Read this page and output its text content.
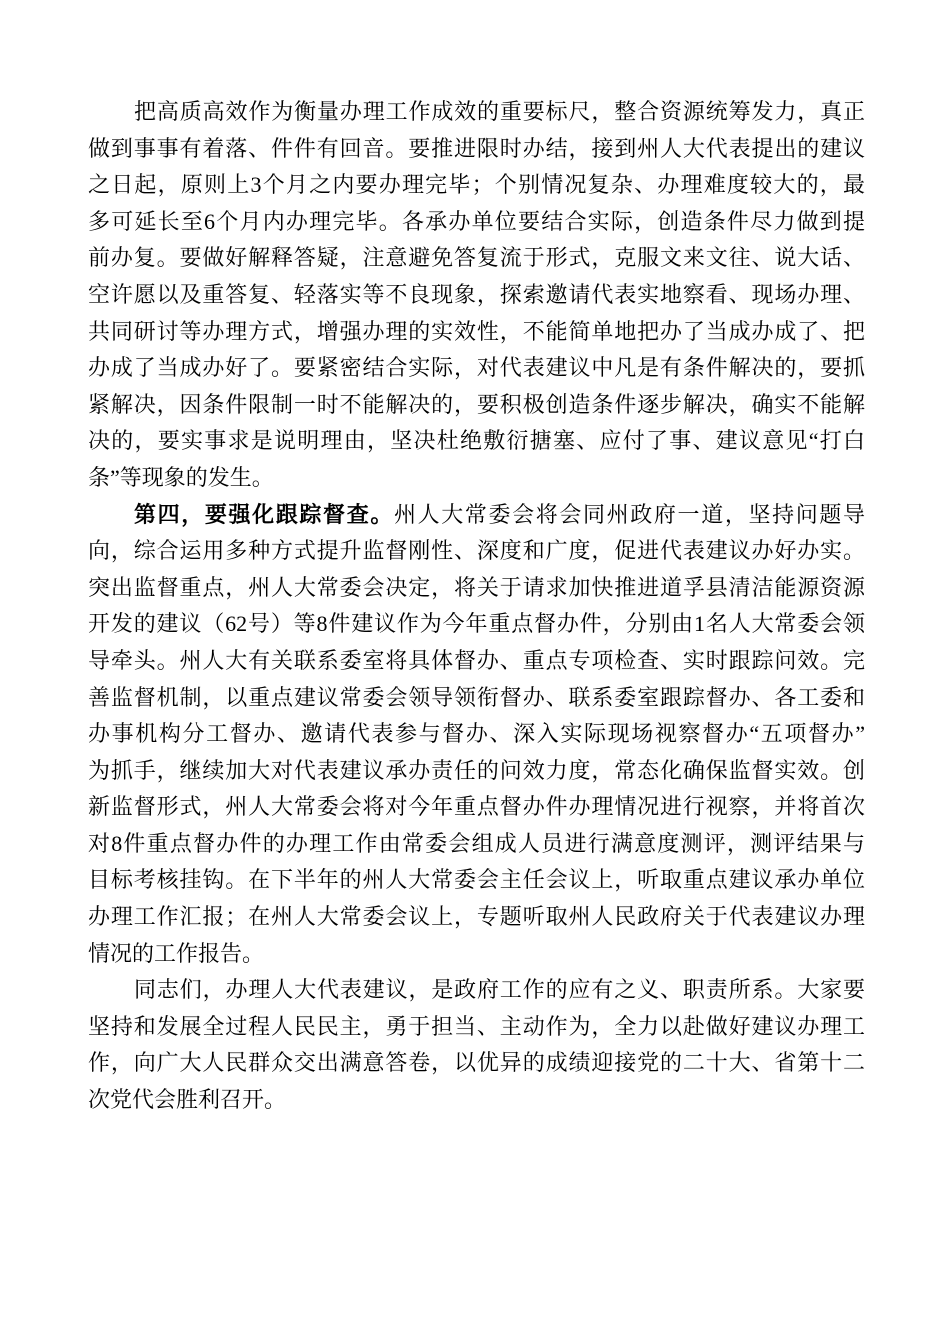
把高质高效作为衡量办理工作成效的重要标尺，整合资源统筹发力，真正
做到事事有着落、件件有回音。要推进限时办结，接到州人大代表提出的建议
之日起，原则上3个月之内要办理完毕；个别情况复杂、办理难度较大的，最
多可延长至6个月内办理完毕。各承办单位要结合实际，创造条件尽力做到提
前办复。要做好解释答疑，注意避免答复流于形式，克服文来文往、说大话、
空许愿以及重答复、轻落实等不良现象，探索邀请代表实地察看、现场办理、
共同研讨等办理方式，增强办理的实效性，不能简单地把办了当成办成了、把
办成了当成办好了。要紧密结合实际，对代表建议中凡是有条件解决的，要抓
紧解决，因条件限制一时不能解决的，要积极创造条件逐步解决，确实不能解
决的，要实事求是说明理由，坚决杜绝敷衍搪塞、应付了事、建议意见“打白
条”等现象的发生。
第四，要强化跟踪督查。州人大常委会将会同州政府一道，坚持问题导
向，综合运用多种方式提升监督刚性、深度和广度，促进代表建议办好办实。
突出监督重点，州人大常委会决定，将关于请求加快推进道孚县清洁能源资源
开发的建议（62号）等8件建议作为今年重点督办件，分别由1名人大常委会领
导牵头。州人大有关联系委室将具体督办、重点专项检查、实时跟踪问效。完
善监督机制，以重点建议常委会领导领衔督办、联系委室跟踪督办、各工委和
办事机构分工督办、邀请代表参与督办、深入实际现场视察督办“五项督办”
为抓手，继续加大对代表建议承办责任的问效力度，常态化确保监督实效。创
新监督形式，州人大常委会将对今年重点督办件办理情况进行视察，并将首次
对8件重点督办件的办理工作由常委会组成人员进行满意度测评，测评结果与
目标考核挂钩。在下半年的州人大常委会主任会议上，听取重点建议承办单位
办理工作汇报；在州人大常委会议上，专题听取州人民政府关于代表建议办理
情况的工作报告。
同志们，办理人大代表建议，是政府工作的应有之义、职责所系。大家要
坚持和发展全过程人民民主，勇于担当、主动作为，全力以赴做好建议办理工
作，向广大人民群众交出满意答卷，以优异的成绩迎接党的二十大、省第十二
次党代会胜利召开。
